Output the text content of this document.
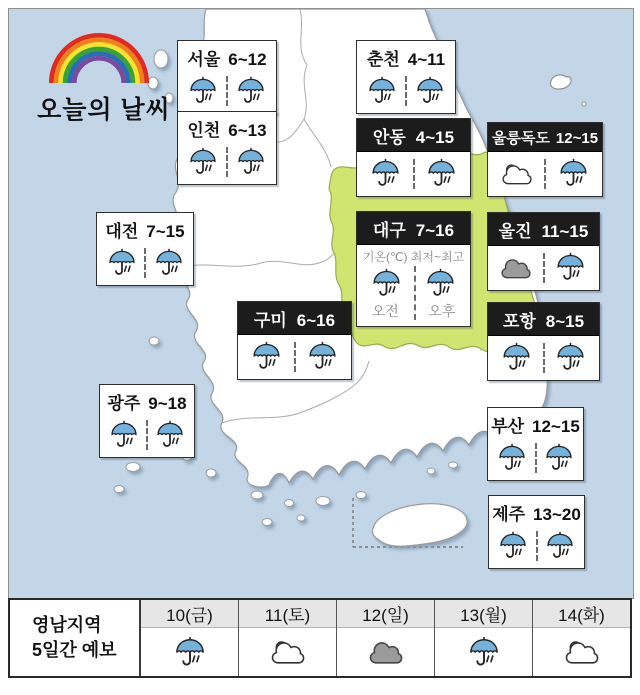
오늘의 날씨
서울 6~12	춘천 4~11
인천 6~13	안동 4~15	울릉독도 12~15
대전 7~15	대구 7~16
기온(℃) 최저~최고
오전	오후
울진 11~15
구미 6~16	포항 8~15
광주 9~18
부산 12~15
제주 13~20
영남지역
5일간 예보
10(금)	11(토)	12(일)	13(월)	14(화)
